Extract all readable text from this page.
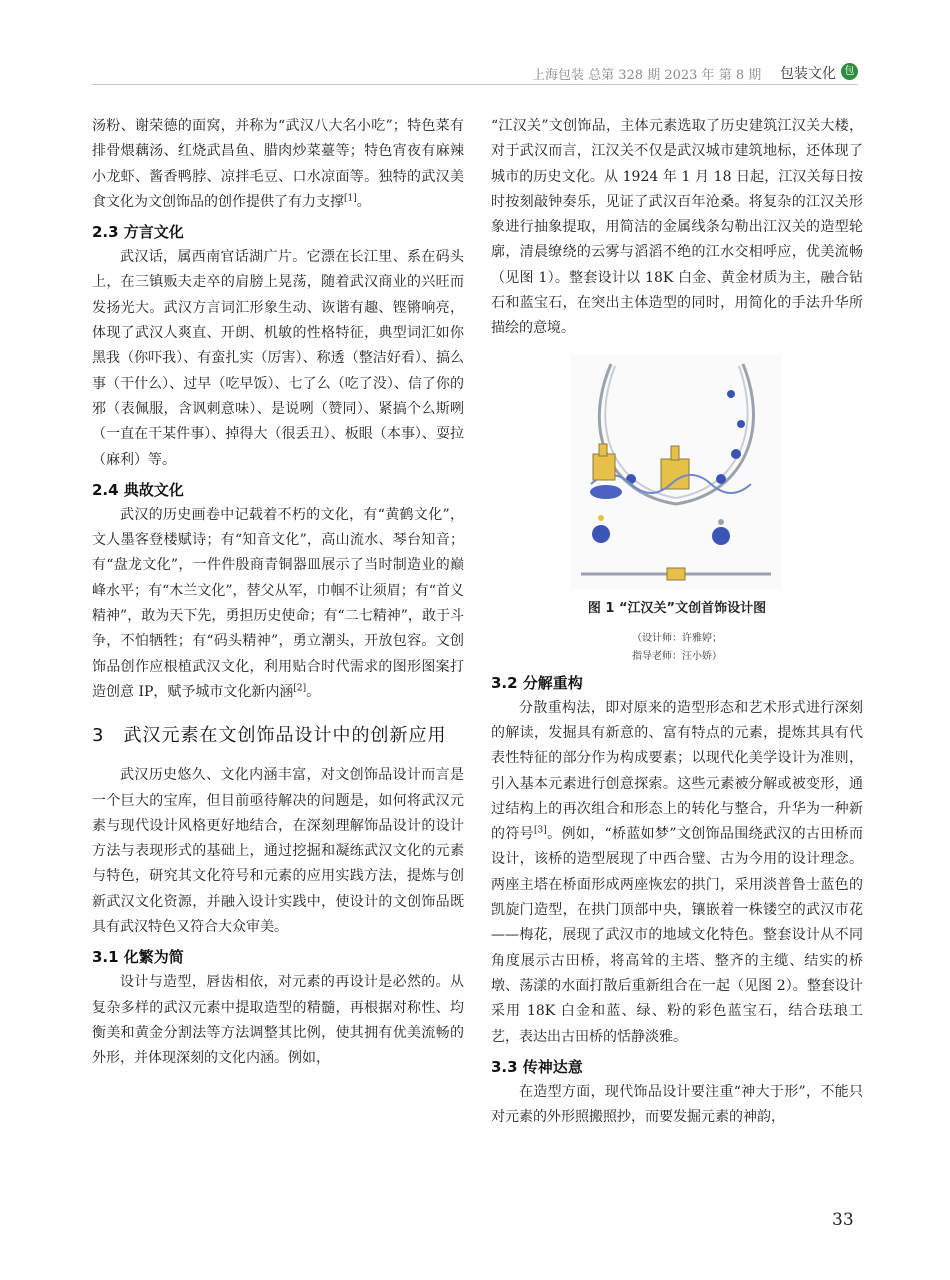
上海包装 总第 328 期 2023 年 第 8 期 包装文化 包

汤粉、谢荣德的面窝，并称为“武汉八大名小吃”；特色菜有排骨煨藕汤、红烧武昌鱼、腊肉炒菜薹等；特色宵夜有麻辣小龙虾、酱香鸭脖、凉拌毛豆、口水凉面等。独特的武汉美食文化为文创饰品的创作提供了有力支撑[1]。

2.3 方言文化

武汉话，属西南官话湖广片。它漂在长江里、系在码头上，在三镇贩夫走卒的肩膀上晃荡，随着武汉商业的兴旺而发扬光大。武汉方言词汇形象生动、诙谐有趣、铿锵响亮，体现了武汉人爽直、开朗、机敏的性格特征，典型词汇如你黑我（你吓我）、有蛮扎实（厉害）、称透（整洁好看）、搞么事（干什么）、过早（吃早饭）、七了么（吃了没）、信了你的邪（表佩服，含讽刺意味）、是说咧（赞同）、紧搞个么斯咧（一直在干某件事）、掉得大（很丢丑）、板眼（本事）、耍拉（麻利）等。

2.4 典故文化

武汉的历史画卷中记载着不朽的文化，有“黄鹤文化”，文人墨客登楼赋诗；有“知音文化”，高山流水、琴台知音；有“盘龙文化”，一件件殷商青铜器皿展示了当时制造业的巅峰水平；有“木兰文化”，替父从军，巾帼不让须眉；有“首义精神”，敢为天下先，勇担历史使命；有“二七精神”，敢于斗争，不怕牺牲；有“码头精神”，勇立潮头，开放包容。文创饰品创作应根植武汉文化，利用贴合时代需求的图形图案打造创意 IP，赋予城市文化新内涵[2]。

3　武汉元素在文创饰品设计中的创新应用

武汉历史悠久、文化内涵丰富，对文创饰品设计而言是一个巨大的宝库，但目前亟待解决的问题是，如何将武汉元素与现代设计风格更好地结合，在深刻理解饰品设计的设计方法与表现形式的基础上，通过挖掘和凝练武汉文化的元素与特色，研究其文化符号和元素的应用实践方法，提炼与创新武汉文化资源，并融入设计实践中，使设计的文创饰品既具有武汉特色又符合大众审美。

3.1 化繁为简

设计与造型，唇齿相依，对元素的再设计是必然的。从复杂多样的武汉元素中提取造型的精髓，再根据对称性、均衡美和黄金分割法等方法调整其比例，使其拥有优美流畅的外形，并体现深刻的文化内涵。例如，

“江汉关”文创饰品，主体元素选取了历史建筑江汉关大楼，对于武汉而言，江汉关不仅是武汉城市建筑地标，还体现了城市的历史文化。从 1924 年 1 月 18 日起，江汉关每日按时按刻敲钟奏乐，见证了武汉百年沧桑。将复杂的江汉关形象进行抽象提取，用简洁的金属线条勾勒出江汉关的造型轮廓，清晨缭绕的云雾与滔滔不绝的江水交相呼应，优美流畅（见图 1）。整套设计以 18K 白金、黄金材质为主，融合钻石和蓝宝石，在突出主体造型的同时，用简化的手法升华所描绘的意境。

图 1 “江汉关”文创首饰设计图
（设计师：许雅婷；
指导老师：汪小娇）
3.2 分解重构

分散重构法，即对原来的造型形态和艺术形式进行深刻的解读，发掘具有新意的、富有特点的元素，提炼其具有代表性特征的部分作为构成要素；以现代化美学设计为准则，引入基本元素进行创意探索。这些元素被分解或被变形，通过结构上的再次组合和形态上的转化与整合，升华为一种新的符号[3]。例如，“桥蓝如梦”文创饰品围绕武汉的古田桥而设计，该桥的造型展现了中西合璧、古为今用的设计理念。两座主塔在桥面形成两座恢宏的拱门，采用淡普鲁士蓝色的凯旋门造型，在拱门顶部中央，镶嵌着一株镂空的武汉市花——梅花，展现了武汉市的地域文化特色。整套设计从不同角度展示古田桥，将高耸的主塔、整齐的主缆、结实的桥墩、荡漾的水面打散后重新组合在一起（见图 2）。整套设计采用 18K 白金和蓝、绿、粉的彩色蓝宝石，结合珐琅工艺，表达出古田桥的恬静淡雅。

3.3 传神达意

在造型方面，现代饰品设计要注重“神大于形”，不能只对元素的外形照搬照抄，而要发掘元素的神韵，

33
